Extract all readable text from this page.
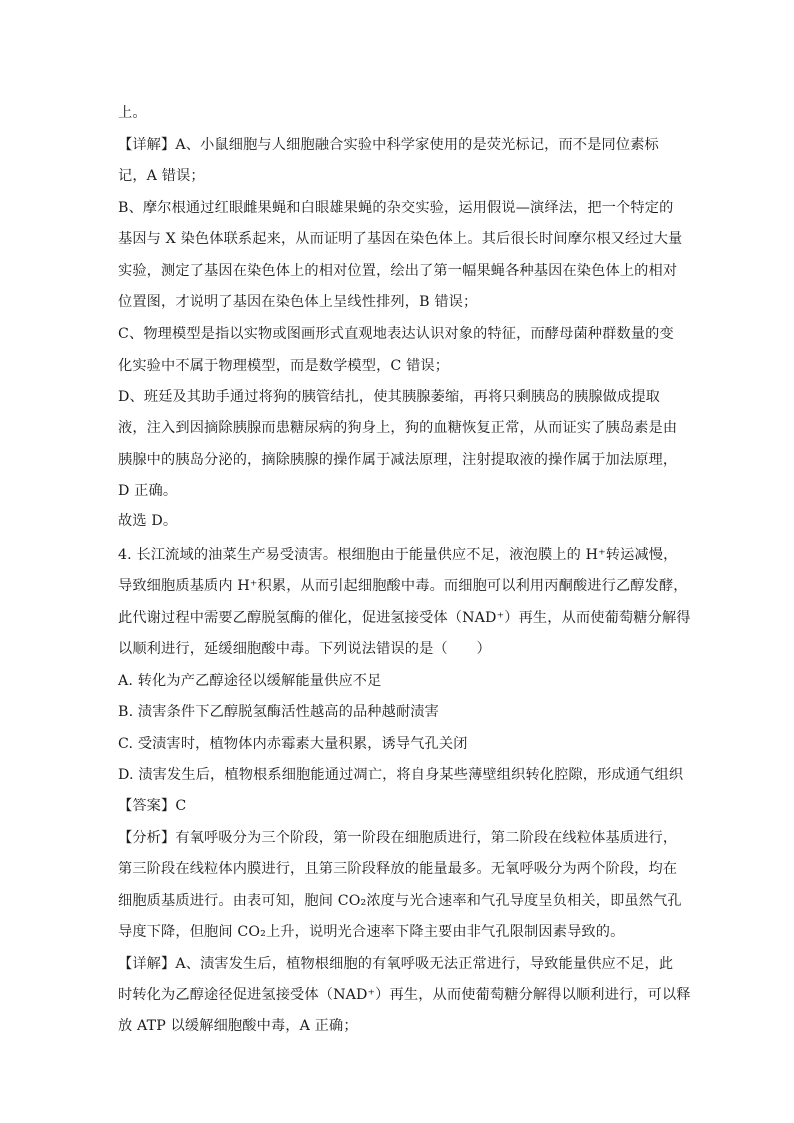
上。
【详解】A、小鼠细胞与人细胞融合实验中科学家使用的是荧光标记，而不是同位素标
记，A 错误；
B、摩尔根通过红眼雌果蝇和白眼雄果蝇的杂交实验，运用假说—演绎法，把一个特定的
基因与 X 染色体联系起来，从而证明了基因在染色体上。其后很长时间摩尔根又经过大量
实验，测定了基因在染色体上的相对位置，绘出了第一幅果蝇各种基因在染色体上的相对
位置图，才说明了基因在染色体上呈线性排列，B 错误；
C、物理模型是指以实物或图画形式直观地表达认识对象的特征，而酵母菌种群数量的变
化实验中不属于物理模型，而是数学模型，C 错误；
D、班廷及其助手通过将狗的胰管结扎，使其胰腺萎缩，再将只剩胰岛的胰腺做成提取
液，注入到因摘除胰腺而患糖尿病的狗身上，狗的血糖恢复正常，从而证实了胰岛素是由
胰腺中的胰岛分泌的，摘除胰腺的操作属于减法原理，注射提取液的操作属于加法原理，
D 正确。
故选 D。
4. 长江流域的油菜生产易受渍害。根细胞由于能量供应不足，液泡膜上的 H⁺转运减慢，
导致细胞质基质内 H⁺积累，从而引起细胞酸中毒。而细胞可以利用丙酮酸进行乙醇发酵，
此代谢过程中需要乙醇脱氢酶的催化，促进氢接受体（NAD⁺）再生，从而使葡萄糖分解得
以顺利进行，延缓细胞酸中毒。下列说法错误的是（　　）
A. 转化为产乙醇途径以缓解能量供应不足
B. 渍害条件下乙醇脱氢酶活性越高的品种越耐渍害
C. 受渍害时，植物体内赤霉素大量积累，诱导气孔关闭
D. 渍害发生后，植物根系细胞能通过凋亡，将自身某些薄壁组织转化腔隙，形成通气组织
【答案】C
【分析】有氧呼吸分为三个阶段，第一阶段在细胞质进行，第二阶段在线粒体基质进行，
第三阶段在线粒体内膜进行，且第三阶段释放的能量最多。无氧呼吸分为两个阶段，均在
细胞质基质进行。由表可知，胞间 CO₂浓度与光合速率和气孔导度呈负相关，即虽然气孔
导度下降，但胞间 CO₂上升，说明光合速率下降主要由非气孔限制因素导致的。
【详解】A、渍害发生后，植物根细胞的有氧呼吸无法正常进行，导致能量供应不足，此
时转化为乙醇途径促进氢接受体（NAD⁺）再生，从而使葡萄糖分解得以顺利进行，可以释
放 ATP 以缓解细胞酸中毒，A 正确；
